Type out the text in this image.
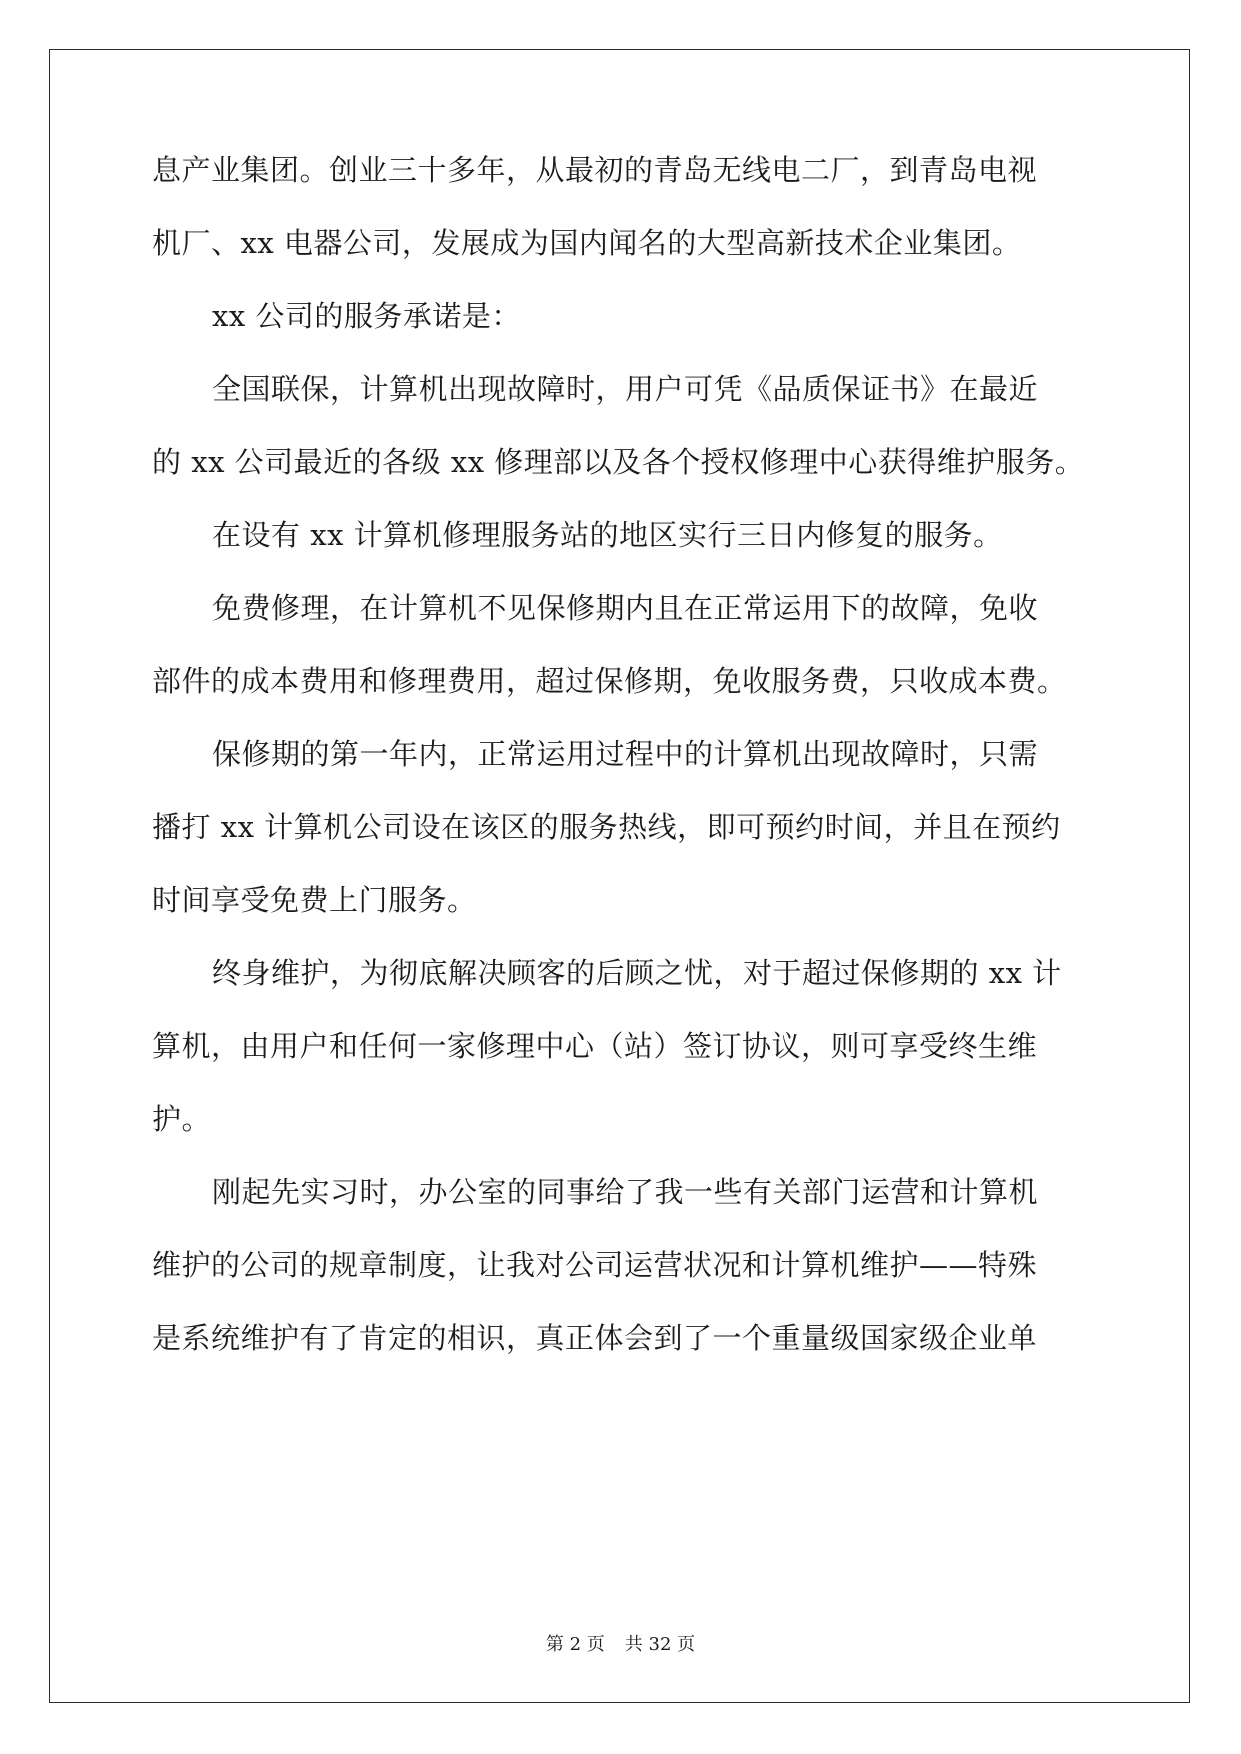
息产业集团。创业三十多年，从最初的青岛无线电二厂，到青岛电视
机厂、xx 电器公司，发展成为国内闻名的大型高新技术企业集团。
xx 公司的服务承诺是：
全国联保，计算机出现故障时，用户可凭《品质保证书》在最近
的 xx 公司最近的各级 xx 修理部以及各个授权修理中心获得维护服务。
在设有 xx 计算机修理服务站的地区实行三日内修复的服务。
免费修理，在计算机不见保修期内且在正常运用下的故障，免收
部件的成本费用和修理费用，超过保修期，免收服务费，只收成本费。
保修期的第一年内，正常运用过程中的计算机出现故障时，只需
播打 xx 计算机公司设在该区的服务热线，即可预约时间，并且在预约
时间享受免费上门服务。
终身维护，为彻底解决顾客的后顾之忧，对于超过保修期的 xx 计
算机，由用户和任何一家修理中心（站）签订协议，则可享受终生维
护。
刚起先实习时，办公室的同事给了我一些有关部门运营和计算机
维护的公司的规章制度，让我对公司运营状况和计算机维护——特殊
是系统维护有了肯定的相识，真正体会到了一个重量级国家级企业单
第 2 页 共 32 页
